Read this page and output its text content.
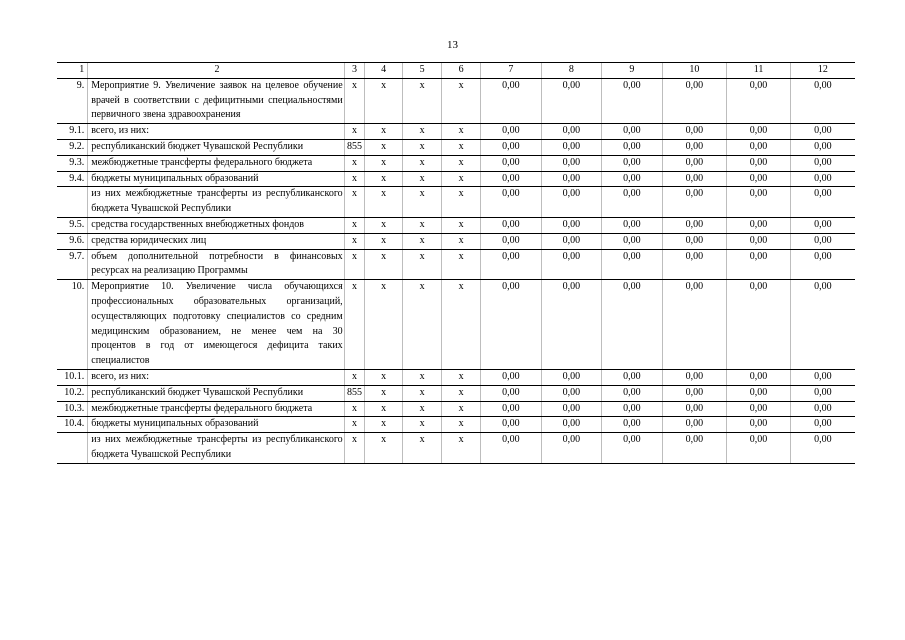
13
1	2	3	4	5	6	7	8	9	10	11	12
9.	Мероприятие 9. Увеличение заявок на целевое обучение врачей в соответствии с дефицитными специальностями первичного звена здравоохранения	x	x	x	x	0,00	0,00	0,00	0,00	0,00	0,00
9.1.	всего, из них:	x	x	x	x	0,00	0,00	0,00	0,00	0,00	0,00
9.2.	республиканский бюджет Чувашской Республики	855	x	x	x	0,00	0,00	0,00	0,00	0,00	0,00
9.3.	межбюджетные трансферты федерального бюджета	x	x	x	x	0,00	0,00	0,00	0,00	0,00	0,00
9.4.	бюджеты муниципальных образований	x	x	x	x	0,00	0,00	0,00	0,00	0,00	0,00
	из них межбюджетные трансферты из республиканского бюджета Чувашской Республики	x	x	x	x	0,00	0,00	0,00	0,00	0,00	0,00
9.5.	средства государственных внебюджетных фондов	x	x	x	x	0,00	0,00	0,00	0,00	0,00	0,00
9.6.	средства юридических лиц	x	x	x	x	0,00	0,00	0,00	0,00	0,00	0,00
9.7.	объем дополнительной потребности в финансовых ресурсах на реализацию Программы	x	x	x	x	0,00	0,00	0,00	0,00	0,00	0,00
10.	Мероприятие 10. Увеличение числа обучающихся профессиональных образовательных организаций, осуществляющих подготовку специалистов со средним медицинским образованием, не менее чем на 30 процентов в год от имеющегося дефицита таких специалистов	x	x	x	x	0,00	0,00	0,00	0,00	0,00	0,00
10.1.	всего, из них:	x	x	x	x	0,00	0,00	0,00	0,00	0,00	0,00
10.2.	республиканский бюджет Чувашской Республики	855	x	x	x	0,00	0,00	0,00	0,00	0,00	0,00
10.3.	межбюджетные трансферты федерального бюджета	x	x	x	x	0,00	0,00	0,00	0,00	0,00	0,00
10.4.	бюджеты муниципальных образований	x	x	x	x	0,00	0,00	0,00	0,00	0,00	0,00
	из них межбюджетные трансферты из республиканского бюджета Чувашской Республики	x	x	x	x	0,00	0,00	0,00	0,00	0,00	0,00
